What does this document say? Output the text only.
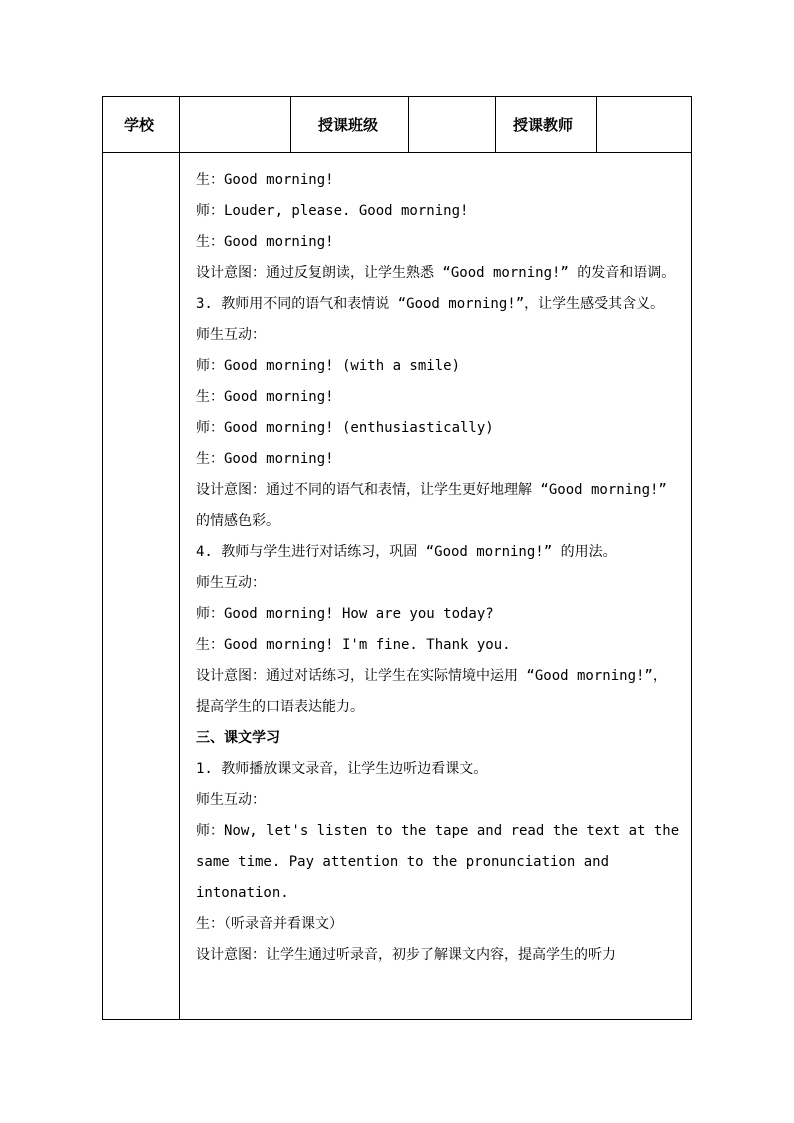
学校	授课班级	授课教师

生：Good morning!

师：Louder, please. Good morning!

生：Good morning!

设计意图：通过反复朗读，让学生熟悉 “Good morning!” 的发音和语调。

3. 教师用不同的语气和表情说 “Good morning!”，让学生感受其含义。

师生互动：

师：Good morning! (with a smile)

生：Good morning!

师：Good morning! (enthusiastically)

生：Good morning!

设计意图：通过不同的语气和表情，让学生更好地理解 “Good morning!” 的情感色彩。

4. 教师与学生进行对话练习，巩固 “Good morning!” 的用法。

师生互动：

师：Good morning! How are you today?

生：Good morning! I'm fine. Thank you.

设计意图：通过对话练习，让学生在实际情境中运用 “Good morning!”，提高学生的口语表达能力。

三、课文学习

1. 教师播放课文录音，让学生边听边看课文。

师生互动：

师：Now, let's listen to the tape and read the text at the same time. Pay attention to the pronunciation and intonation.

生：（听录音并看课文）

设计意图：让学生通过听录音，初步了解课文内容，提高学生的听力
